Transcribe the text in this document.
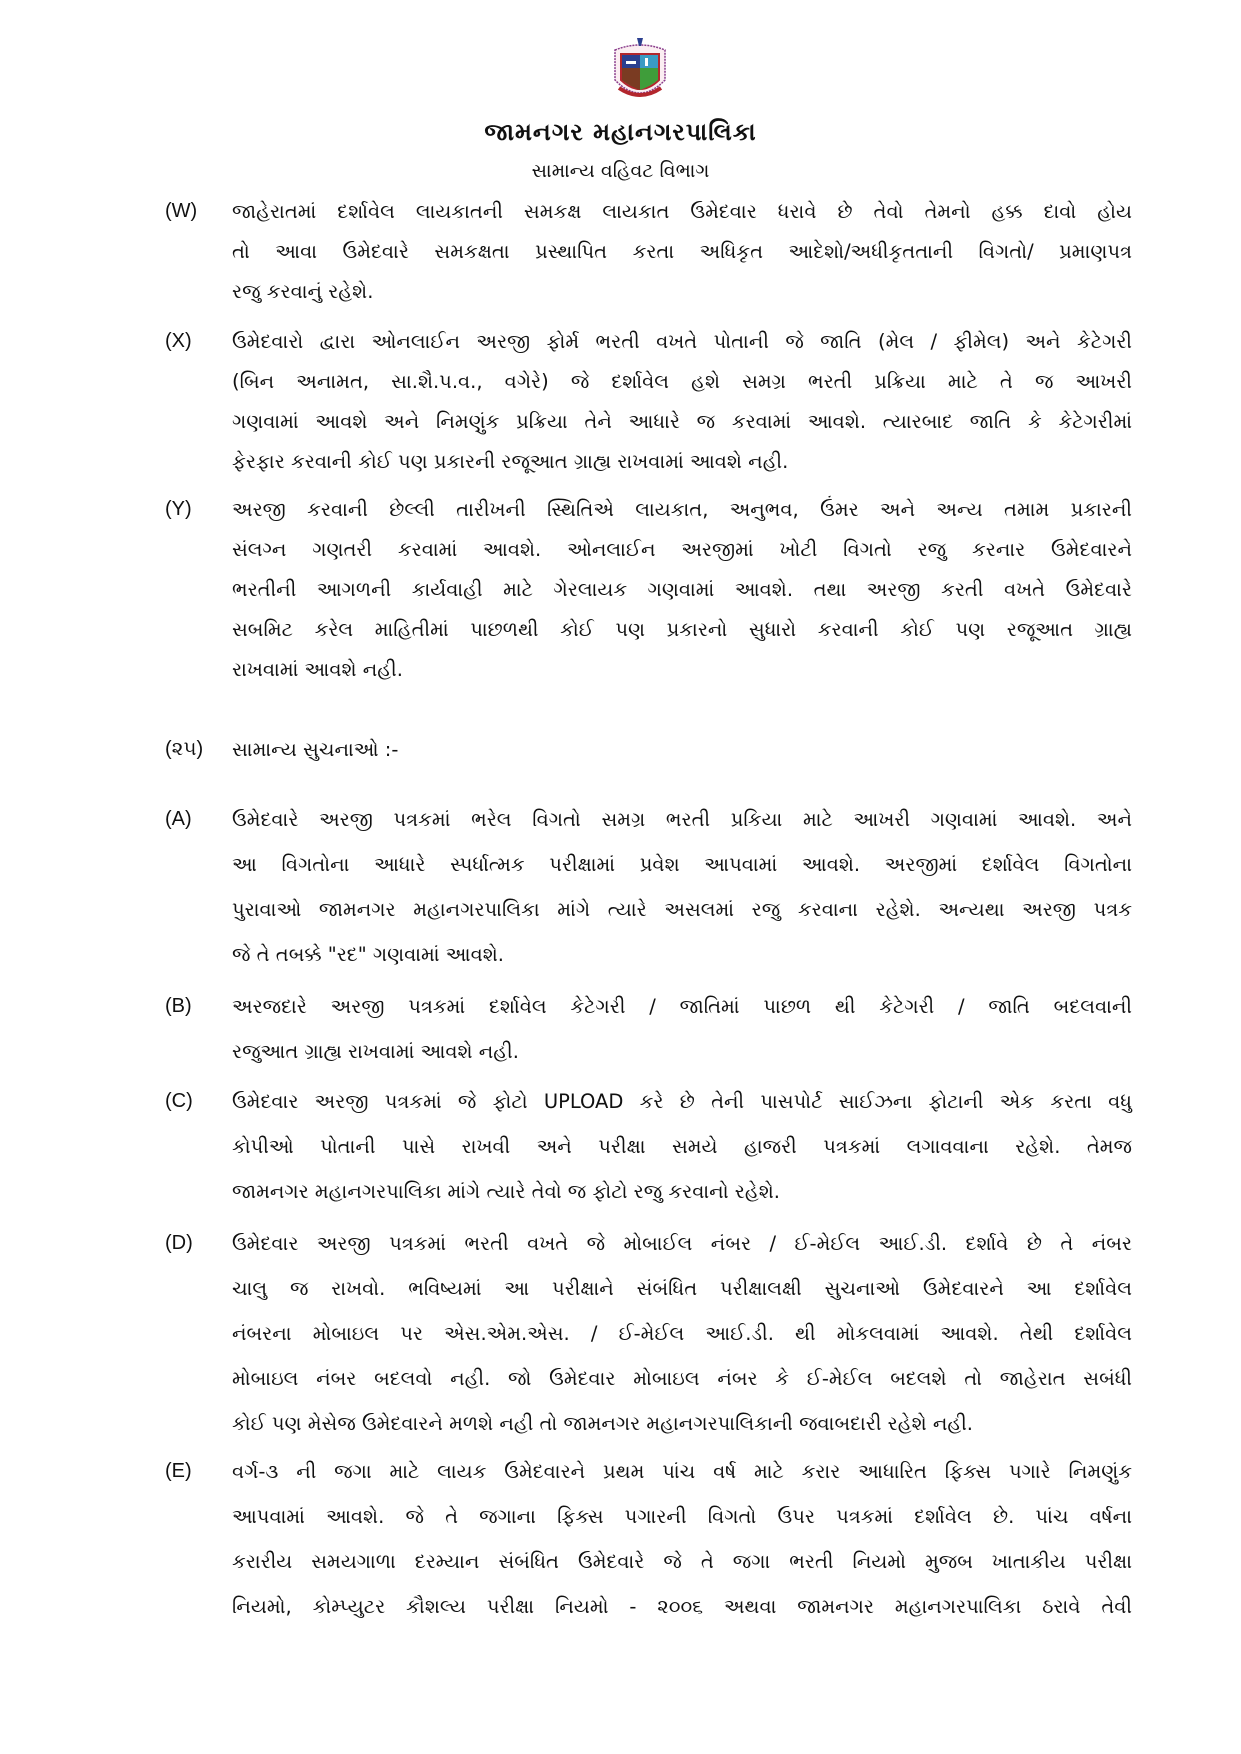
જામનગર મહાનગરપાલિકા
સામાન્ય વહિવટ વિભાગ
(W) જાહેરાતમાં દર્શાવેલ લાયકાતની સમકક્ષ લાયકાત ઉમેદવાર ધરાવે છે તેવો તેમનો હક્ક દાવો હોય
તો આવા ઉમેદવારે સમકક્ષતા પ્રસ્થાપિત કરતા અધિકૃત આદેશો/અધીકૃતતાની વિગતો/ પ્રમાણપત્ર
રજુ કરવાનું રહેશે.
(X) ઉમેદવારો દ્વારા ઓનલાઈન અરજી ફોર્મ ભરતી વખતે પોતાની જે જાતિ (મેલ / ફીમેલ) અને કેટેગરી
(બિન અનામત, સા.શૈ.પ.વ., વગેરે) જે દર્શાવેલ હશે સમગ્ર ભરતી પ્રક્રિયા માટે તે જ આખરી
ગણવામાં આવશે અને નિમણુંક પ્રક્રિયા તેને આધારે જ કરવામાં આવશે. ત્યારબાદ જાતિ કે કેટેગરીમાં
ફેરફાર કરવાની કોઈ પણ પ્રકારની રજૂઆત ગ્રાહ્ય રાખવામાં આવશે નહી.
(Y) અરજી કરવાની છેલ્લી તારીખની સ્થિતિએ લાયકાત, અનુભવ, ઉંમર અને અન્ય તમામ પ્રકારની
સંલગ્ન ગણતરી કરવામાં આવશે. ઓનલાઈન અરજીમાં ખોટી વિગતો રજુ કરનાર ઉમેદવારને
ભરતીની આગળની કાર્યવાહી માટે ગેરલાયક ગણવામાં આવશે. તથા અરજી કરતી વખતે ઉમેદવારે
સબમિટ કરેલ માહિતીમાં પાછળથી કોઈ પણ પ્રકારનો સુધારો કરવાની કોઈ પણ રજૂઆત ગ્રાહ્ય
રાખવામાં આવશે નહી.
(૨૫) સામાન્ય સુચનાઓ :-
(A) ઉમેદવારે અરજી પત્રકમાં ભરેલ વિગતો સમગ્ર ભરતી પ્રકિયા માટે આખરી ગણવામાં આવશે. અને
આ વિગતોના આધારે સ્પર્ધાત્મક પરીક્ષામાં પ્રવેશ આપવામાં આવશે. અરજીમાં દર્શાવેલ વિગતોના
પુરાવાઓ જામનગર મહાનગરપાલિકા માંગે ત્યારે અસલમાં રજુ કરવાના રહેશે. અન્યથા અરજી પત્રક
જે તે તબક્કે "રદ" ગણવામાં આવશે.
(B) અરજદારે અરજી પત્રકમાં દર્શાવેલ કેટેગરી / જાતિમાં પાછળ થી કેટેગરી / જાતિ બદલવાની
રજુઆત ગ્રાહ્ય રાખવામાં આવશે નહી.
(C) ઉમેદવાર અરજી પત્રકમાં જે ફોટો UPLOAD કરે છે તેની પાસપોર્ટ સાઈઝના ફોટાની એક કરતા વધુ
કોપીઓ પોતાની પાસે રાખવી અને પરીક્ષા સમયે હાજરી પત્રકમાં લગાવવાના રહેશે. તેમજ
જામનગર મહાનગરપાલિકા માંગે ત્યારે તેવો જ ફોટો રજુ કરવાનો રહેશે.
(D) ઉમેદવાર અરજી પત્રકમાં ભરતી વખતે જે મોબાઈલ નંબર / ઈ-મેઈલ આઈ.ડી. દર્શાવે છે તે નંબર
ચાલુ જ રાખવો. ભવિષ્યમાં આ પરીક્ષાને સંબંધિત પરીક્ષાલક્ષી સુચનાઓ ઉમેદવારને આ દર્શાવેલ
નંબરના મોબાઇલ પર એસ.એમ.એસ. / ઈ-મેઈલ આઈ.ડી. થી મોકલવામાં આવશે. તેથી દર્શાવેલ
મોબાઇલ નંબર બદલવો નહી. જો ઉમેદવાર મોબાઇલ નંબર કે ઈ-મેઈલ બદલશે તો જાહેરાત સબંધી
કોઈ પણ મેસેજ ઉમેદવારને મળશે નહી તો જામનગર મહાનગરપાલિકાની જવાબદારી રહેશે નહી.
(E) વર્ગ-૩ ની જગા માટે લાયક ઉમેદવારને પ્રથમ પાંચ વર્ષ માટે કરાર આધારિત ફિક્સ પગારે નિમણુંક
આપવામાં આવશે. જે તે જગાના ફિક્સ પગારની વિગતો ઉપર પત્રકમાં દર્શાવેલ છે. પાંચ વર્ષના
કરારીય સમયગાળા દરમ્યાન સંબંધિત ઉમેદવારે જે તે જગા ભરતી નિયમો મુજબ ખાતાકીય પરીક્ષા
નિયમો, કોમ્પ્યુટર કૌશલ્ય પરીક્ષા નિયમો - ૨૦૦૬ અથવા જામનગર મહાનગરપાલિકા ઠરાવે તેવી
